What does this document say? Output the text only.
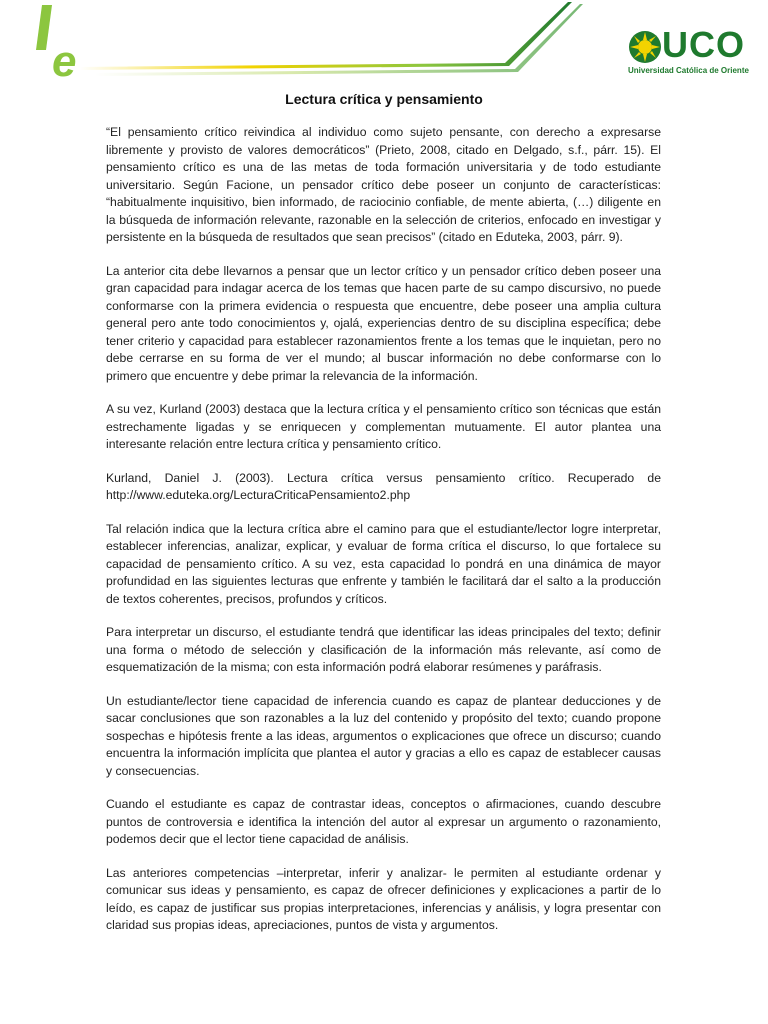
e	UCO
Universidad Católica de Oriente
Lectura crítica y pensamiento

“El pensamiento crítico reivindica al individuo como sujeto pensante, con derecho a expresarse libremente y provisto de valores democráticos” (Prieto, 2008, citado en Delgado, s.f., párr. 15). El pensamiento crítico es una de las metas de toda formación universitaria y de todo estudiante universitario. Según Facione, un pensador crítico debe poseer un conjunto de características: “habitualmente inquisitivo, bien informado, de raciocinio confiable, de mente abierta, (…) diligente en la búsqueda de información relevante, razonable en la selección de criterios, enfocado en investigar y persistente en la búsqueda de resultados que sean precisos” (citado en Eduteka, 2003, párr. 9).

La anterior cita debe llevarnos a pensar que un lector crítico y un pensador crítico deben poseer una gran capacidad para indagar acerca de los temas que hacen parte de su campo discursivo, no puede conformarse con la primera evidencia o respuesta que encuentre, debe poseer una amplia cultura general pero ante todo conocimientos y, ojalá, experiencias dentro de su disciplina específica; debe tener criterio y capacidad para establecer razonamientos frente a los temas que le inquietan, pero no debe cerrarse en su forma de ver el mundo; al buscar información no debe conformarse con lo primero que encuentre y debe primar la relevancia de la información.

A su vez, Kurland (2003) destaca que la lectura crítica y el pensamiento crítico son técnicas que están estrechamente ligadas y se enriquecen y complementan mutuamente. El autor plantea una interesante relación entre lectura crítica y pensamiento crítico.

Kurland, Daniel J. (2003). Lectura crítica versus pensamiento crítico. Recuperado de http://www.eduteka.org/LecturaCriticaPensamiento2.php

Tal relación indica que la lectura crítica abre el camino para que el estudiante/lector logre interpretar, establecer inferencias, analizar, explicar, y evaluar de forma crítica el discurso, lo que fortalece su capacidad de pensamiento crítico. A su vez, esta capacidad lo pondrá en una dinámica de mayor profundidad en las siguientes lecturas que enfrente y también le facilitará dar el salto a la producción de textos coherentes, precisos, profundos y críticos.

Para interpretar un discurso, el estudiante tendrá que identificar las ideas principales del texto; definir una forma o método de selección y clasificación de la información más relevante, así como de esquematización de la misma; con esta información podrá elaborar resúmenes y paráfrasis.

Un estudiante/lector tiene capacidad de inferencia cuando es capaz de plantear deducciones y de sacar conclusiones que son razonables a la luz del contenido y propósito del texto; cuando propone sospechas e hipótesis frente a las ideas, argumentos o explicaciones que ofrece un discurso; cuando encuentra la información implícita que plantea el autor y gracias a ello es capaz de establecer causas y consecuencias.

Cuando el estudiante es capaz de contrastar ideas, conceptos o afirmaciones, cuando descubre puntos de controversia e identifica la intención del autor al expresar un argumento o razonamiento, podemos decir que el lector tiene capacidad de análisis.

Las anteriores competencias –interpretar, inferir y analizar- le permiten al estudiante ordenar y comunicar sus ideas y pensamiento, es capaz de ofrecer definiciones y explicaciones a partir de lo leído, es capaz de justificar sus propias interpretaciones, inferencias y análisis, y logra presentar con claridad sus propias ideas, apreciaciones, puntos de vista y argumentos.
